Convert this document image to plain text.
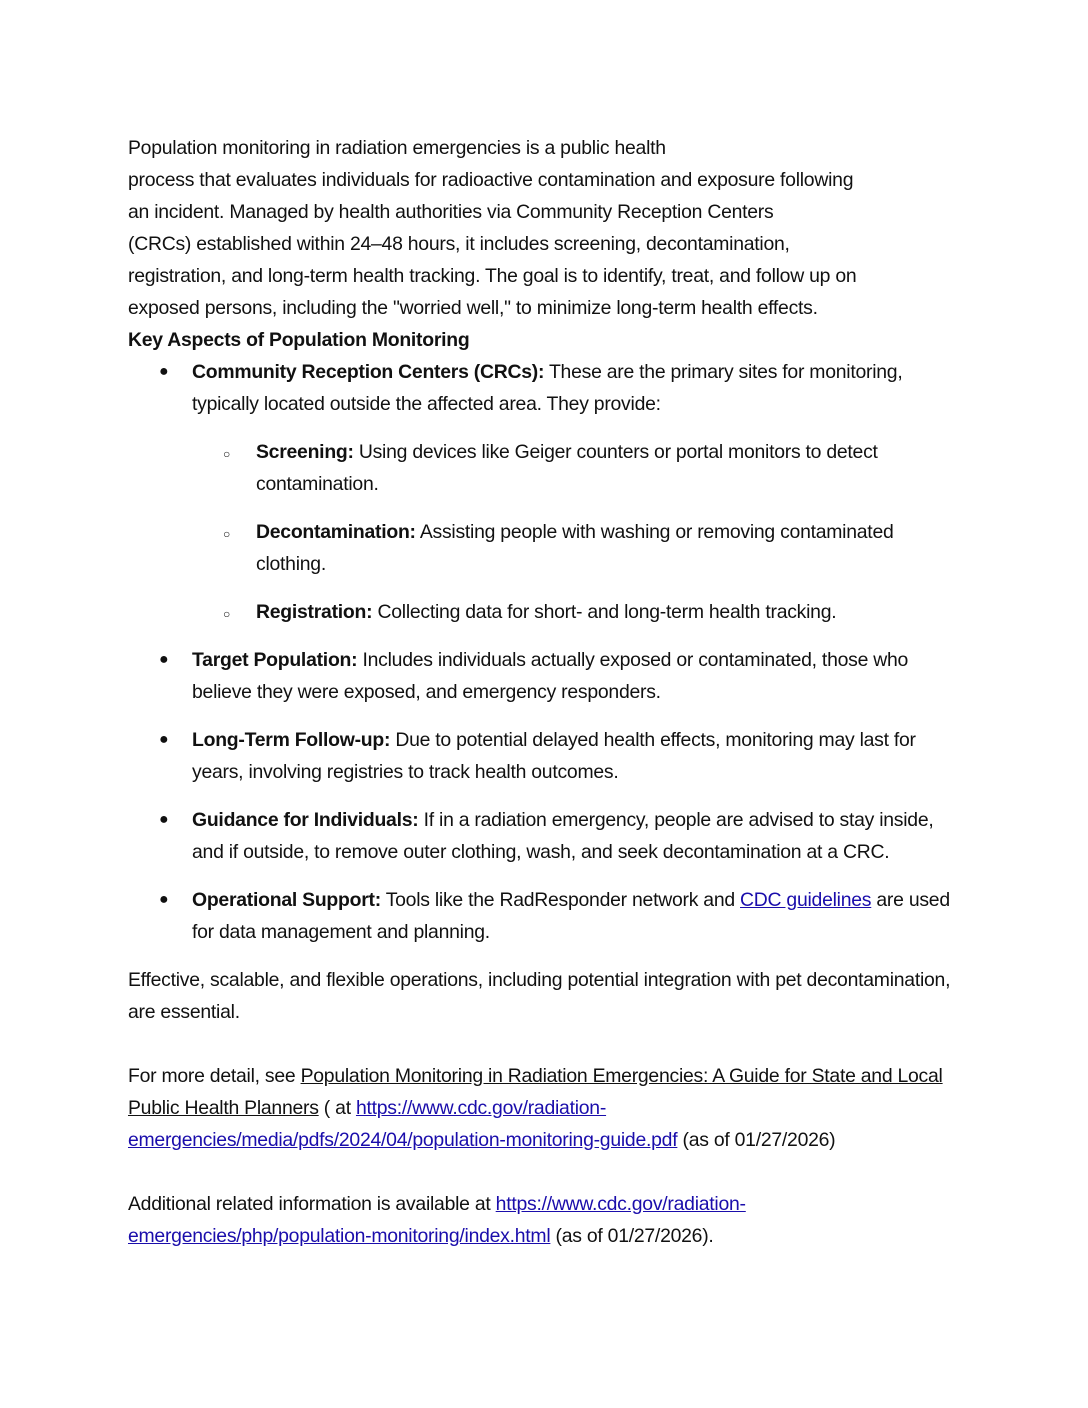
Population monitoring in radiation emergencies is a public health
process that evaluates individuals for radioactive contamination and exposure following
an incident. Managed by health authorities via Community Reception Centers
(CRCs) established within 24–48 hours, it includes screening, decontamination,
registration, and long-term health tracking. The goal is to identify, treat, and follow up on
exposed persons, including the "worried well," to minimize long-term health effects.

Key Aspects of Population Monitoring

● Community Reception Centers (CRCs): These are the primary sites for monitoring, typically located outside the affected area. They provide:
○ Screening: Using devices like Geiger counters or portal monitors to detect contamination.
○ Decontamination: Assisting people with washing or removing contaminated clothing.
○ Registration: Collecting data for short- and long-term health tracking.
● Target Population: Includes individuals actually exposed or contaminated, those who believe they were exposed, and emergency responders.
● Long-Term Follow-up: Due to potential delayed health effects, monitoring may last for years, involving registries to track health outcomes.
● Guidance for Individuals: If in a radiation emergency, people are advised to stay inside, and if outside, to remove outer clothing, wash, and seek decontamination at a CRC.
● Operational Support: Tools like the RadResponder network and CDC guidelines are used for data management and planning.

Effective, scalable, and flexible operations, including potential integration with pet decontamination, are essential.

For more detail, see Population Monitoring in Radiation Emergencies: A Guide for State and Local Public Health Planners ( at https://www.cdc.gov/radiation-emergencies/media/pdfs/2024/04/population-monitoring-guide.pdf (as of 01/27/2026)

Additional related information is available at https://www.cdc.gov/radiation-emergencies/php/population-monitoring/index.html (as of 01/27/2026).
